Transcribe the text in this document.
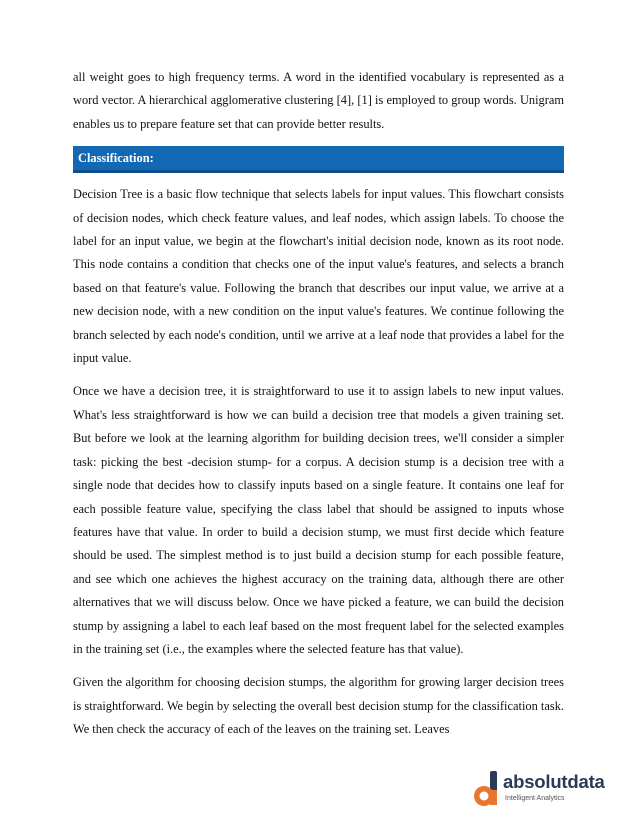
all weight goes to high frequency terms. A word in the identified vocabulary is represented as a word vector. A hierarchical agglomerative clustering [4], [1] is employed to group words. Unigram enables us to prepare feature set that can provide better results.

Classification:

Decision Tree is a basic flow technique that selects labels for input values. This flowchart consists of decision nodes, which check feature values, and leaf nodes, which assign labels. To choose the label for an input value, we begin at the flowchart's initial decision node, known as its root node. This node contains a condition that checks one of the input value's features, and selects a branch based on that feature's value. Following the branch that describes our input value, we arrive at a new decision node, with a new condition on the input value's features. We continue following the branch selected by each node's condition, until we arrive at a leaf node that provides a label for the input value.

Once we have a decision tree, it is straightforward to use it to assign labels to new input values. What's less straightforward is how we can build a decision tree that models a given training set. But before we look at the learning algorithm for building decision trees, we'll consider a simpler task: picking the best -decision stump- for a corpus. A decision stump is a decision tree with a single node that decides how to classify inputs based on a single feature. It contains one leaf for each possible feature value, specifying the class label that should be assigned to inputs whose features have that value. In order to build a decision stump, we must first decide which feature should be used. The simplest method is to just build a decision stump for each possible feature, and see which one achieves the highest accuracy on the training data, although there are other alternatives that we will discuss below. Once we have picked a feature, we can build the decision stump by assigning a label to each leaf based on the most frequent label for the selected examples in the training set (i.e., the examples where the selected feature has that value).

Given the algorithm for choosing decision stumps, the algorithm for growing larger decision trees is straightforward. We begin by selecting the overall best decision stump for the classification task. We then check the accuracy of each of the leaves on the training set. Leaves

absolutdata
Intelligent Analytics
